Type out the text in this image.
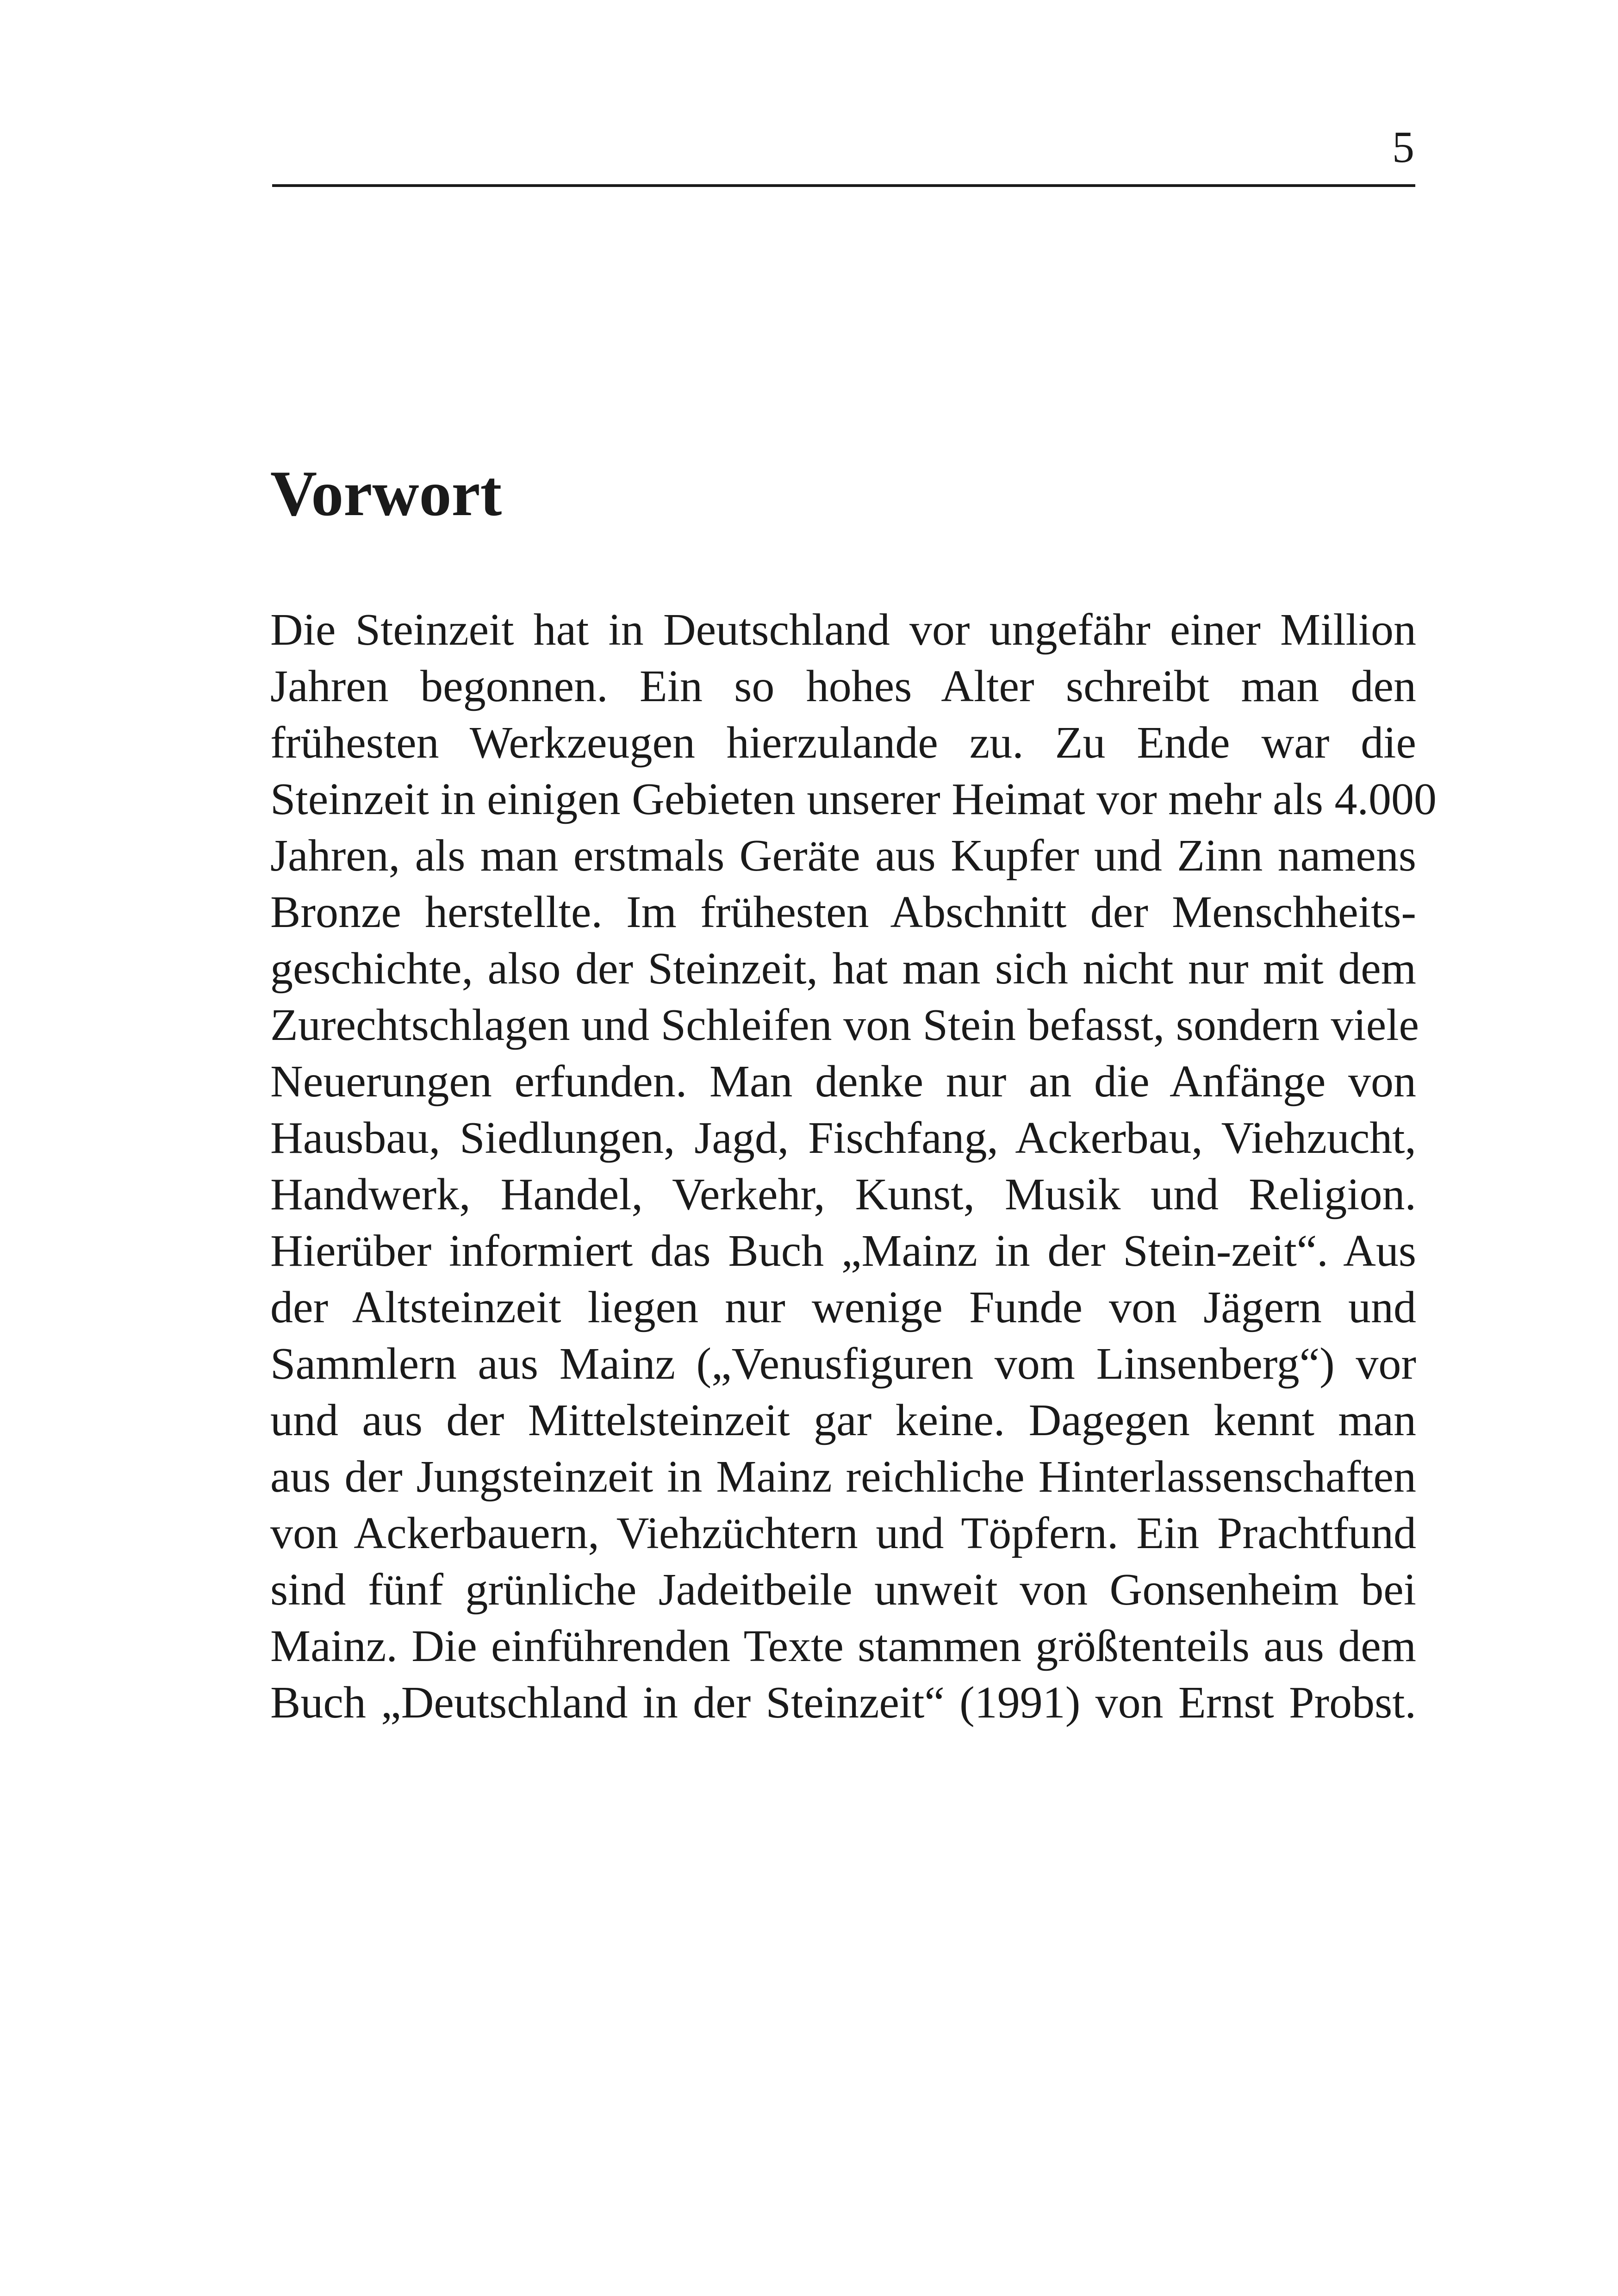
5
Vorwort
Die Steinzeit hat in Deutschland vor ungefähr einer Million
Jahren begonnen. Ein so hohes Alter schreibt man den
frühesten Werkzeugen hierzulande zu. Zu Ende war die
Steinzeit in einigen Gebieten unserer Heimat vor mehr als 4.000
Jahren, als man erstmals Geräte aus Kupfer und Zinn namens
Bronze herstellte. Im frühesten Abschnitt der Menschheits-
geschichte, also der Steinzeit, hat man sich nicht nur mit dem
Zurechtschlagen und Schleifen von Stein befasst, sondern viele
Neuerungen erfunden. Man denke nur an die Anfänge von
Hausbau, Siedlungen, Jagd, Fischfang, Ackerbau, Viehzucht,
Handwerk, Handel, Verkehr, Kunst, Musik und Religion.
Hierüber informiert das Buch „Mainz in der Stein-zeit“. Aus
der Altsteinzeit liegen nur wenige Funde von Jägern und
Sammlern aus Mainz („Venusfiguren vom Linsenberg“) vor
und aus der Mittelsteinzeit gar keine. Dagegen kennt man
aus der Jungsteinzeit in Mainz reichliche Hinterlassenschaften
von Ackerbauern, Viehzüchtern und Töpfern. Ein Prachtfund
sind fünf grünliche Jadeitbeile unweit von Gonsenheim bei
Mainz. Die einführenden Texte stammen größtenteils aus dem
Buch „Deutschland in der Steinzeit“ (1991) von Ernst Probst.
